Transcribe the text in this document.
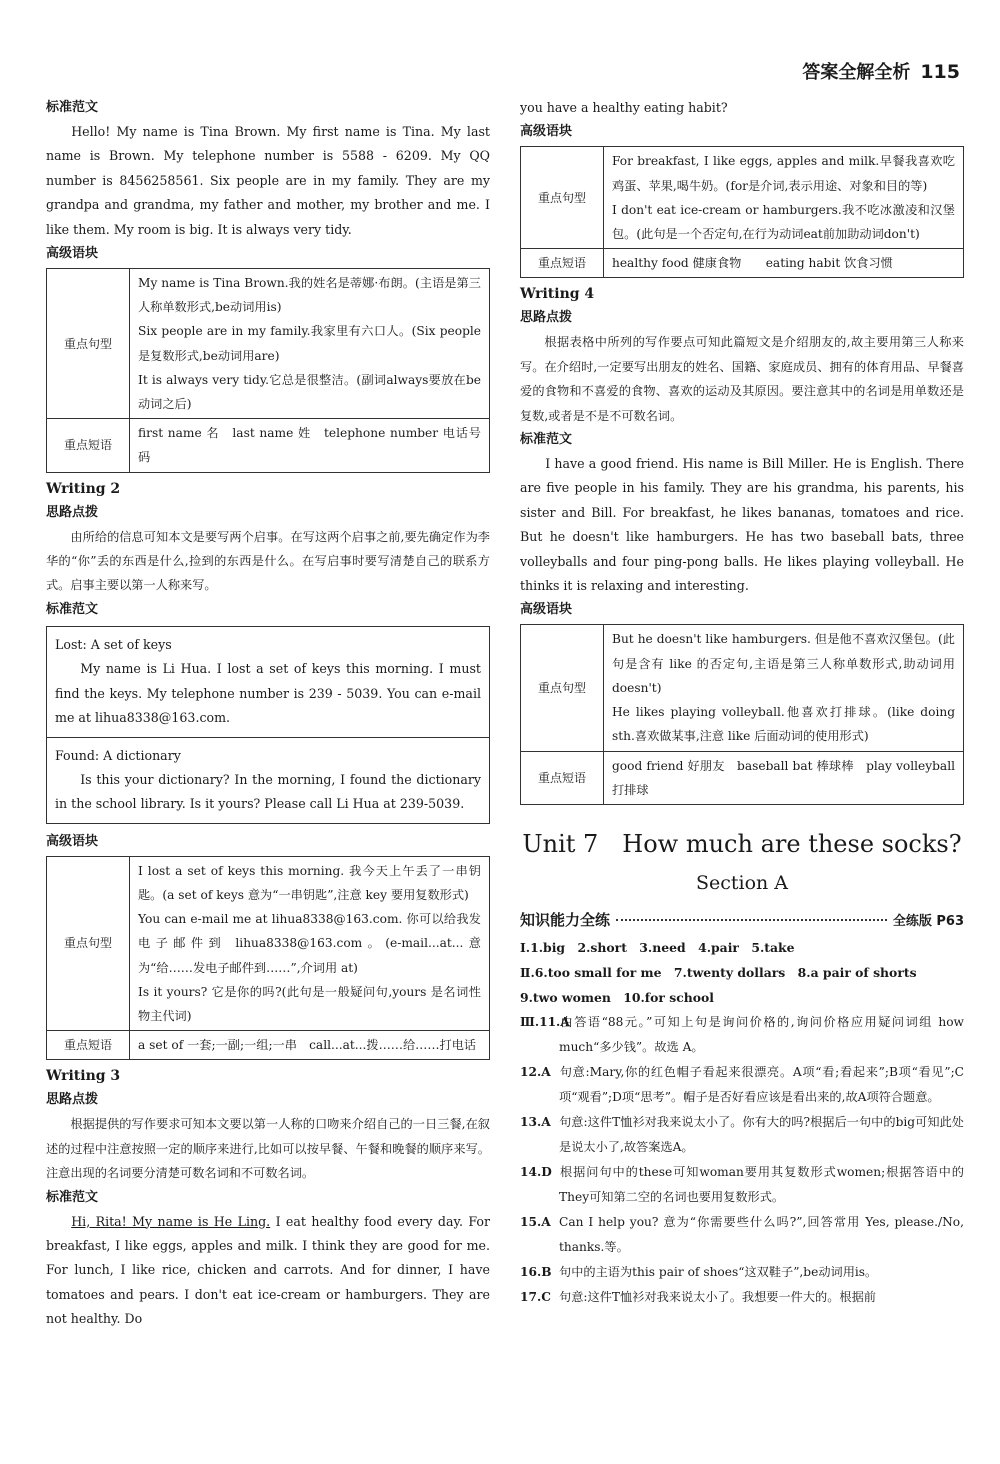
答案全解全析 115
标准范文

Hello! My name is Tina Brown. My first name is Tina. My last name is Brown. My telephone number is 5588 - 6209. My QQ number is 8456258561. Six people are in my family. They are my grandpa and grandma, my father and mother, my brother and me. I like them. My room is big. It is always very tidy.

高级语块
重点句型	My name is Tina Brown.我的姓名是蒂娜·布朗。(主语是第三人称单数形式,be动词用is)
Six people are in my family.我家里有六口人。(Six people是复数形式,be动词用are)
It is always very tidy.它总是很整洁。(副词always要放在be动词之后)

重点短语	first name 名　last name 姓　telephone number 电话号码
Writing 2
思路点拨

由所给的信息可知本文是要写两个启事。在写这两个启事之前,要先确定作为李华的“你”丢的东西是什么,捡到的东西是什么。在写启事时要写清楚自己的联系方式。启事主要以第一人称来写。

标准范文
Lost: A set of keys
My name is Li Hua. I lost a set of keys this morning. I must find the keys. My telephone number is 239 - 5039. You can e-mail me at lihua8338@163.com.
Found: A dictionary
Is this your dictionary? In the morning, I found the dictionary in the school library. Is it yours? Please call Li Hua at 239-5039.
高级语块
重点句型	I lost a set of keys this morning. 我今天上午丢了一串钥匙。(a set of keys 意为“一串钥匙”,注意 key 要用复数形式)
You can e-mail me at lihua8338@163.com. 你可以给我发电子邮件到 lihua8338@163.com。(e-mail...at...意为“给……发电子邮件到……”,介词用 at)
Is it yours? 它是你的吗?(此句是一般疑问句,yours 是名词性物主代词)

重点短语	a set of 一套;一副;一组;一串　call...at...拨……给……打电话
Writing 3
思路点拨

根据提供的写作要求可知本文要以第一人称的口吻来介绍自己的一日三餐,在叙述的过程中注意按照一定的顺序来进行,比如可以按早餐、午餐和晚餐的顺序来写。注意出现的名词要分清楚可数名词和不可数名词。

标准范文

Hi, Rita! My name is He Ling. I eat healthy food every day. For breakfast, I like eggs, apples and milk. I think they are good for me. For lunch, I like rice, chicken and carrots. And for dinner, I have tomatoes and pears. I don't eat ice-cream or hamburgers. They are not healthy. Do

you have a healthy eating habit?

高级语块
重点句型	For breakfast, I like eggs, apples and milk.早餐我喜欢吃鸡蛋、苹果,喝牛奶。(for是介词,表示用途、对象和目的等)
I don't eat ice-cream or hamburgers.我不吃冰激凌和汉堡包。(此句是一个否定句,在行为动词eat前加助动词don't)

重点短语	healthy food 健康食物　　eating habit 饮食习惯
Writing 4
思路点拨

根据表格中所列的写作要点可知此篇短文是介绍朋友的,故主要用第三人称来写。在介绍时,一定要写出朋友的姓名、国籍、家庭成员、拥有的体育用品、早餐喜爱的食物和不喜爱的食物、喜欢的运动及其原因。要注意其中的名词是用单数还是复数,或者是不是不可数名词。

标准范文

I have a good friend. His name is Bill Miller. He is English. There are five people in his family. They are his grandma, his parents, his sister and Bill. For breakfast, he likes bananas, tomatoes and rice. But he doesn't like hamburgers. He has two baseball bats, three volleyballs and four ping-pong balls. He likes playing volleyball. He thinks it is relaxing and interesting.

高级语块
重点句型	But he doesn't like hamburgers. 但是他不喜欢汉堡包。(此句是含有 like 的否定句,主语是第三人称单数形式,助动词用 doesn't)
He likes playing volleyball.他喜欢打排球。(like doing sth.喜欢做某事,注意 like 后面动词的使用形式)

重点短语	good friend 好朋友　baseball bat 棒球棒　play volleyball 打排球
Unit 7　How much are these socks?
Section A
知识能力全练	全练版 P63

Ⅰ.1.big　2.short　3.need　4.pair　5.take

Ⅱ.6.too small for me　7.twenty dollars　8.a pair of shorts

9.two women　10.for school

Ⅲ.11.A由答语“88元。”可知上句是询问价格的,询问价格应用疑问词组 how much“多少钱”。故选 A。

12.A 句意:Mary,你的红色帽子看起来很漂亮。A项“看;看起来”;B项“看见”;C项“观看”;D项“思考”。帽子是否好看应该是看出来的,故A项符合题意。

13.A 句意:这件T恤衫对我来说太小了。你有大的吗?根据后一句中的big可知此处是说太小了,故答案选A。

14.D 根据问句中的these可知woman要用其复数形式women;根据答语中的They可知第二空的名词也要用复数形式。

15.A Can I help you? 意为“你需要些什么吗?”,回答常用 Yes, please./No, thanks.等。

16.B 句中的主语为this pair of shoes“这双鞋子”,be动词用is。

17.C 句意:这件T恤衫对我来说太小了。我想要一件大的。根据前
